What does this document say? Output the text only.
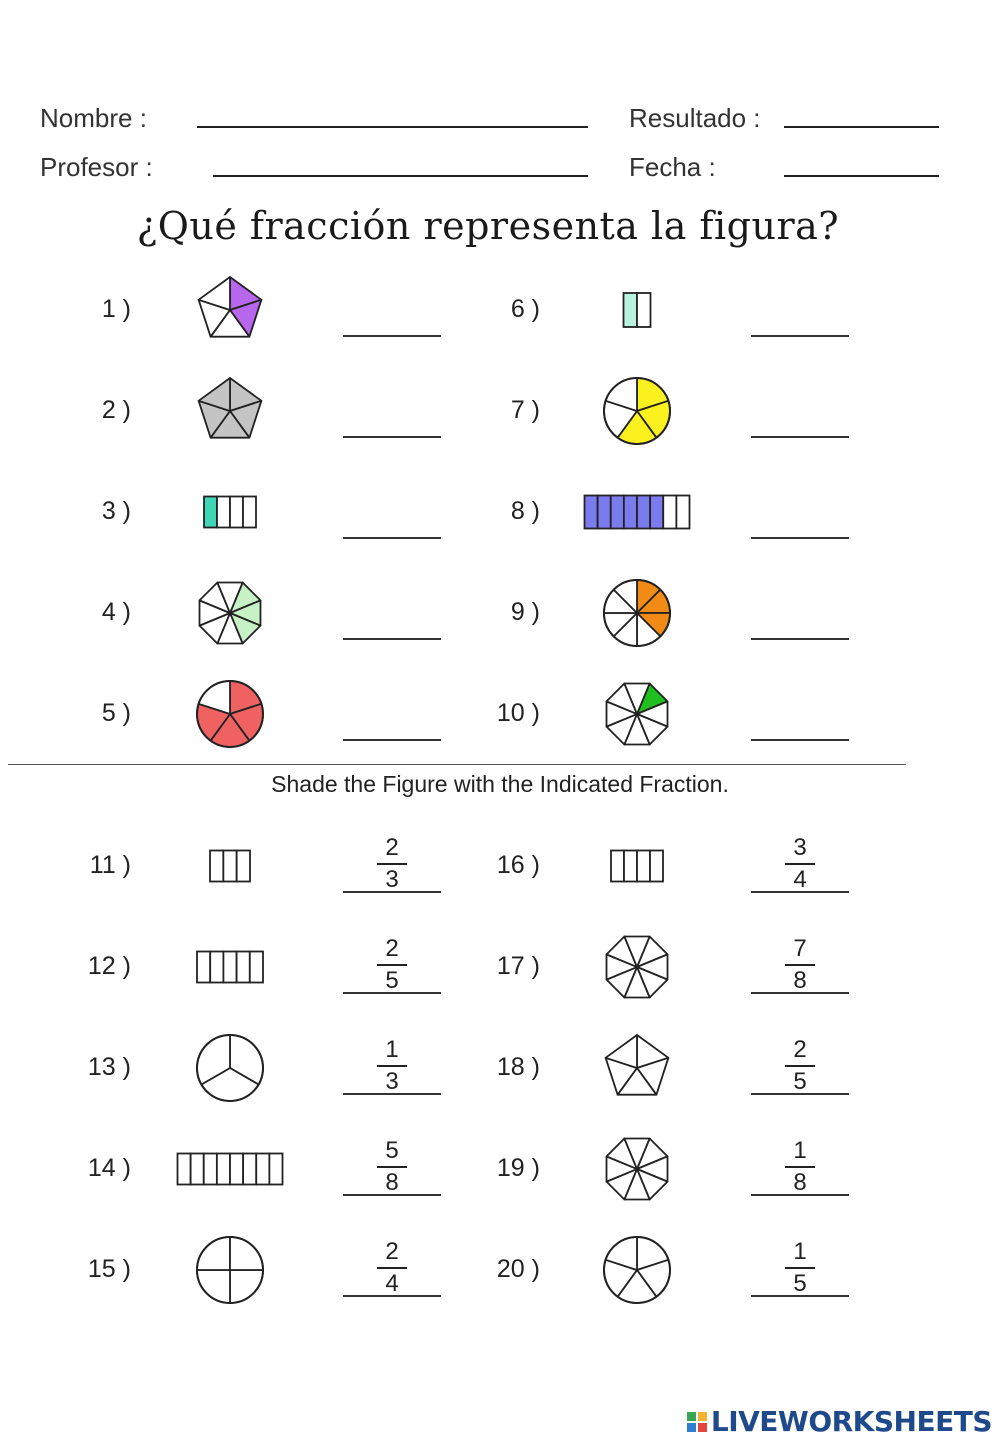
Nombre :	Resultado :
Profesor :	Fecha :
¿Qué fracción representa la figura?
1 )
2 )
3 )
4 )
5 )
6 )
7 )
8 )
9 )
10 )
11 )
2
3
12 )
2
5
13 )
1
3
14 )
5
8
15 )
2
4
16 )
3
4
17 )
7
8
18 )
2
5
19 )
1
8
20 )
1
5
Shade the Figure with the Indicated Fraction.
LIVEWORKSHEETS
